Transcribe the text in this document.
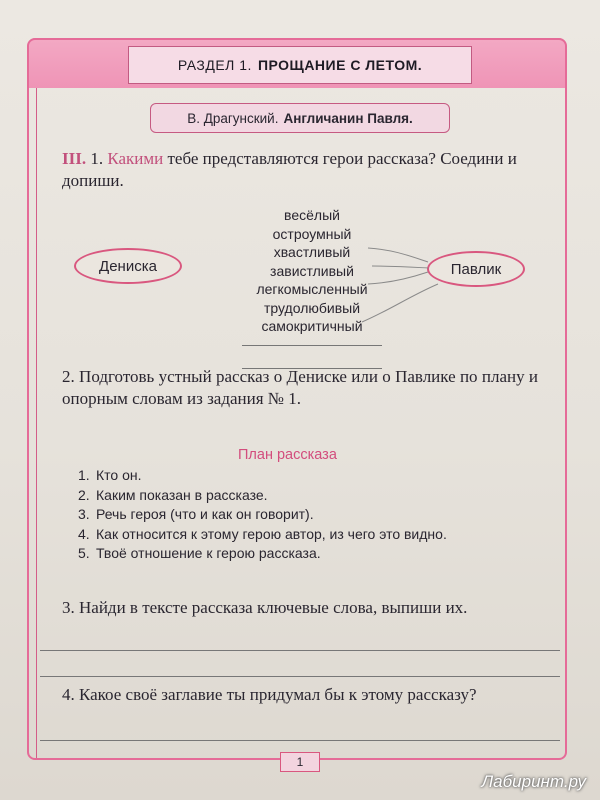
РАЗДЕЛ 1. ПРОЩАНИЕ С ЛЕТОМ.
В. Драгунский. Англичанин Павля.
III. 1. Какими тебе представляются герои рассказа? Соедини и допиши.
весёлый
остроумный
хвастливый
завистливый
легкомысленный
трудолюбивый
самокритичный
Дениска	Павлик
2. Подготовь устный рассказ о Дениске или о Павлике по плану и опорным словам из задания № 1.
План рассказа
1. Кто он.
2. Каким показан в рассказе.
3. Речь героя (что и как он говорит).
4. Как относится к этому герою автор, из чего это видно.
5. Твоё отношение к герою рассказа.
3. Найди в тексте рассказа ключевые слова, выпиши их.
4. Какое своё заглавие ты придумал бы к этому рассказу?
1
Лабиринт.ру
